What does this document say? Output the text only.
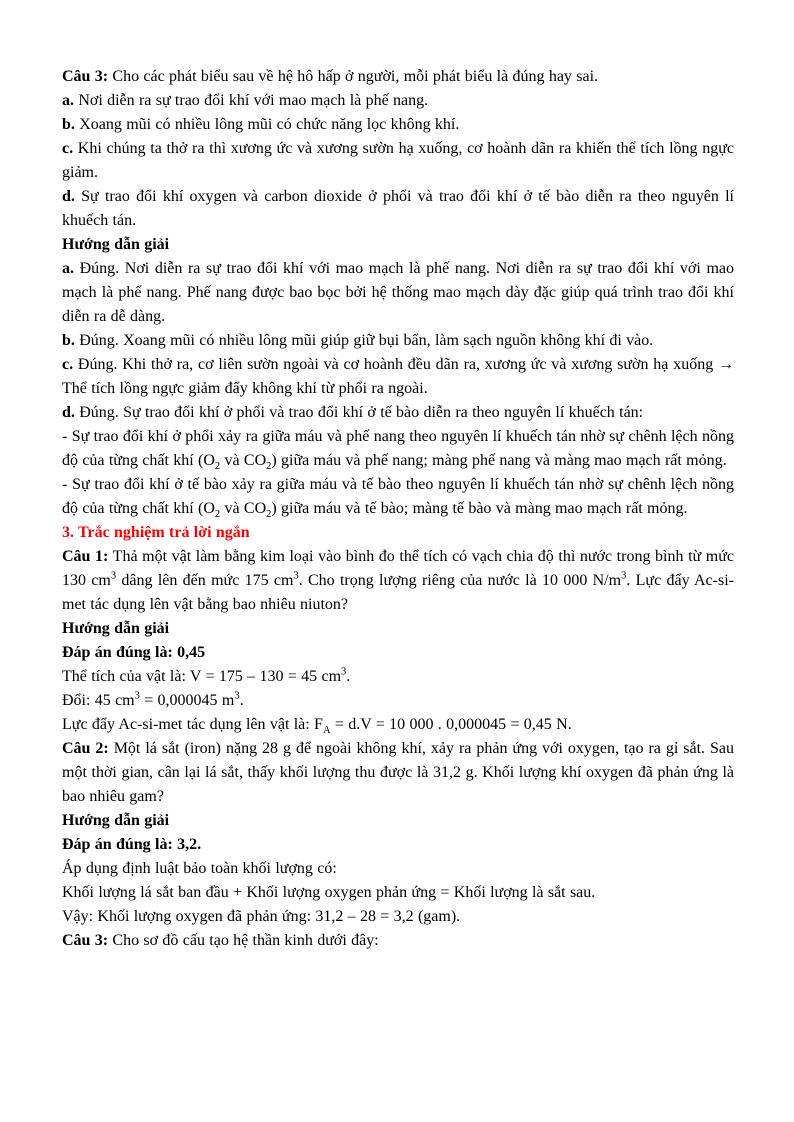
Câu 3: Cho các phát biểu sau về hệ hô hấp ở người, mỗi phát biểu là đúng hay sai.

a. Nơi diễn ra sự trao đổi khí với mao mạch là phế nang.

b. Xoang mũi có nhiều lông mũi có chức năng lọc không khí.

c. Khi chúng ta thở ra thì xương ức và xương sườn hạ xuống, cơ hoành dãn ra khiến thể tích lồng ngực giảm.

d. Sự trao đổi khí oxygen và carbon dioxide ở phổi và trao đổi khí ở tế bào diễn ra theo nguyên lí khuếch tán.

Hướng dẫn giải

a. Đúng. Nơi diễn ra sự trao đổi khí với mao mạch là phế nang. Nơi diễn ra sự trao đổi khí với mao mạch là phế nang. Phế nang được bao bọc bởi hệ thống mao mạch dày đặc giúp quá trình trao đổi khí diễn ra dễ dàng.

b. Đúng. Xoang mũi có nhiều lông mũi giúp giữ bụi bẩn, làm sạch nguồn không khí đi vào.

c. Đúng. Khi thở ra, cơ liên sườn ngoài và cơ hoành đều dãn ra, xương ức và xương sườn hạ xuống → Thể tích lồng ngực giảm đẩy không khí từ phổi ra ngoài.

d. Đúng. Sự trao đổi khí ở phổi và trao đổi khí ở tế bào diễn ra theo nguyên lí khuếch tán:

- Sự trao đổi khí ở phổi xảy ra giữa máu và phế nang theo nguyên lí khuếch tán nhờ sự chênh lệch nồng độ của từng chất khí ($O_2$ và $CO_2$) giữa máu và phế nang; màng phế nang và màng mao mạch rất mỏng.

- Sự trao đổi khí ở tế bào xảy ra giữa máu và tế bào theo nguyên lí khuếch tán nhờ sự chênh lệch nồng độ của từng chất khí ($O_2$ và $CO_2$) giữa máu và tế bào; màng tế bào và màng mao mạch rất mỏng.

3. Trắc nghiệm trả lời ngắn

Câu 1: Thả một vật làm bằng kim loại vào bình đo thể tích có vạch chia độ thì nước trong bình từ mức 130 $cm^3$ dâng lên đến mức 175 $cm^3$. Cho trọng lượng riêng của nước là 10 000 $N/m^3$. Lực đẩy Ac-si-met tác dụng lên vật bằng bao nhiêu niuton?

Hướng dẫn giải

Đáp án đúng là: 0,45

Thể tích của vật là: V = 175 – 130 = 45 $cm^3$.

Đổi: 45 $cm^3 = 0,000045$ $m^3$.

Lực đẩy Ac-si-met tác dụng lên vật là: $F_A = d.V = 10$ 000 . 0,000045 = 0,45 N.

Câu 2: Một lá sắt (iron) nặng 28 g để ngoài không khí, xảy ra phản ứng với oxygen, tạo ra gỉ sắt. Sau một thời gian, cân lại lá sắt, thấy khối lượng thu được là 31,2 g. Khối lượng khí oxygen đã phản ứng là bao nhiêu gam?

Hướng dẫn giải

Đáp án đúng là: 3,2.

Áp dụng định luật bảo toàn khối lượng có:

Khối lượng lá sắt ban đầu + Khối lượng oxygen phản ứng = Khối lượng là sắt sau.

Vậy: Khối lượng oxygen đã phản ứng: 31,2 – 28 = 3,2 (gam).

Câu 3: Cho sơ đồ cấu tạo hệ thần kinh dưới đây:
